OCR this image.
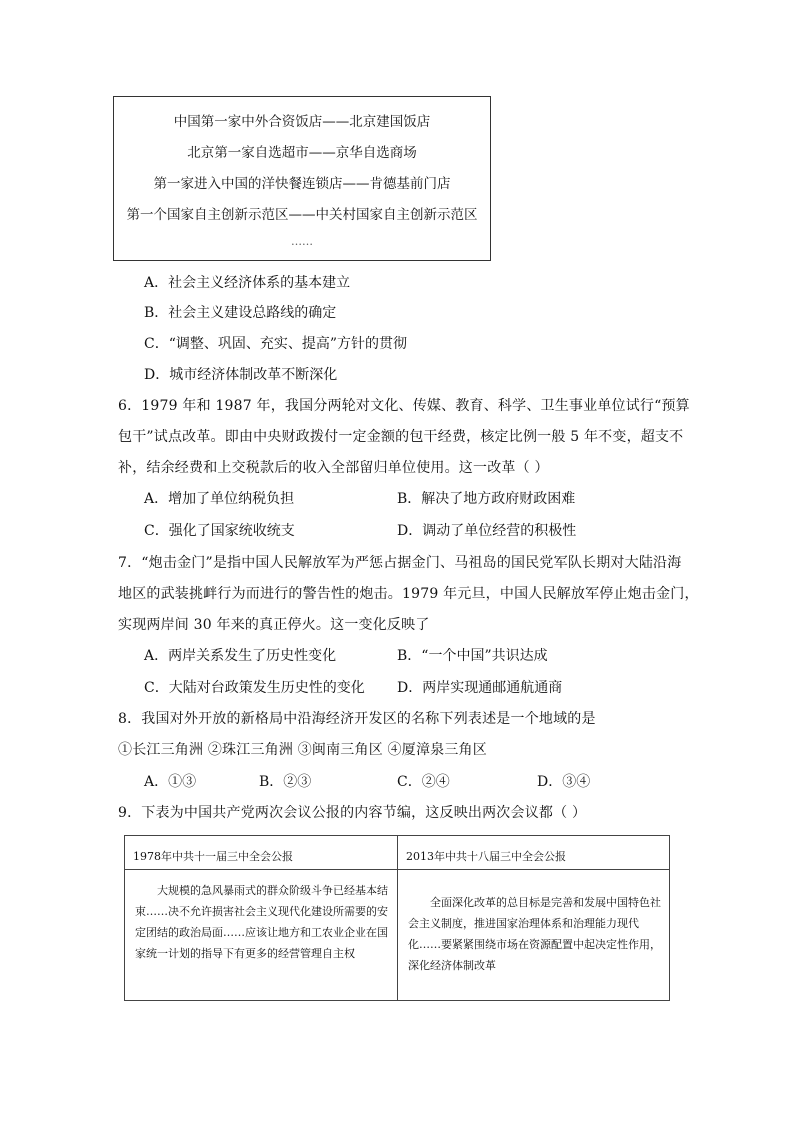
中国第一家中外合资饭店——北京建国饭店
北京第一家自选超市——京华自选商场
第一家进入中国的洋快餐连锁店——肯德基前门店
第一个国家自主创新示范区——中关村国家自主创新示范区
……
A．社会主义经济体系的基本建立
B．社会主义建设总路线的确定
C．“调整、巩固、充实、提高”方针的贯彻
D．城市经济体制改革不断深化
6．1979 年和 1987 年，我国分两轮对文化、传媒、教育、科学、卫生事业单位试行“预算
包干”试点改革。即由中央财政拨付一定金额的包干经费，核定比例一般 5 年不变，超支不
补，结余经费和上交税款后的收入全部留归单位使用。这一改革（ ）
A．增加了单位纳税负担	B．解决了地方政府财政困难
C．强化了国家统收统支	D．调动了单位经营的积极性
7．“炮击金门”是指中国人民解放军为严惩占据金门、马祖岛的国民党军队长期对大陆沿海
地区的武装挑衅行为而进行的警告性的炮击。1979 年元旦，中国人民解放军停止炮击金门，
实现两岸间 30 年来的真正停火。这一变化反映了
A．两岸关系发生了历史性变化	B．“一个中国”共识达成
C．大陆对台政策发生历史性的变化 D．两岸实现通邮通航通商
8．我国对外开放的新格局中沿海经济开发区的名称下列表述是一个地域的是
①长江三角洲 ②珠江三角洲 ③闽南三角区 ④厦漳泉三角区
A．①③	B．②③	C．②④	D．③④
9．下表为中国共产党两次会议公报的内容节编，这反映出两次会议都（ ）
1978年中共十一届三中全会公报	2013年中共十八届三中全会公报

大规模的急风暴雨式的群众阶级斗争已经基本结束……决不允许损害社会主义现代化建设所需要的安定团结的政治局面……应该让地方和工农业企业在国家统一计划的指导下有更多的经营管理自主权	全面深化改革的总目标是完善和发展中国特色社会主义制度，推进国家治理体系和治理能力现代化……要紧紧围绕市场在资源配置中起决定性作用，深化经济体制改革
